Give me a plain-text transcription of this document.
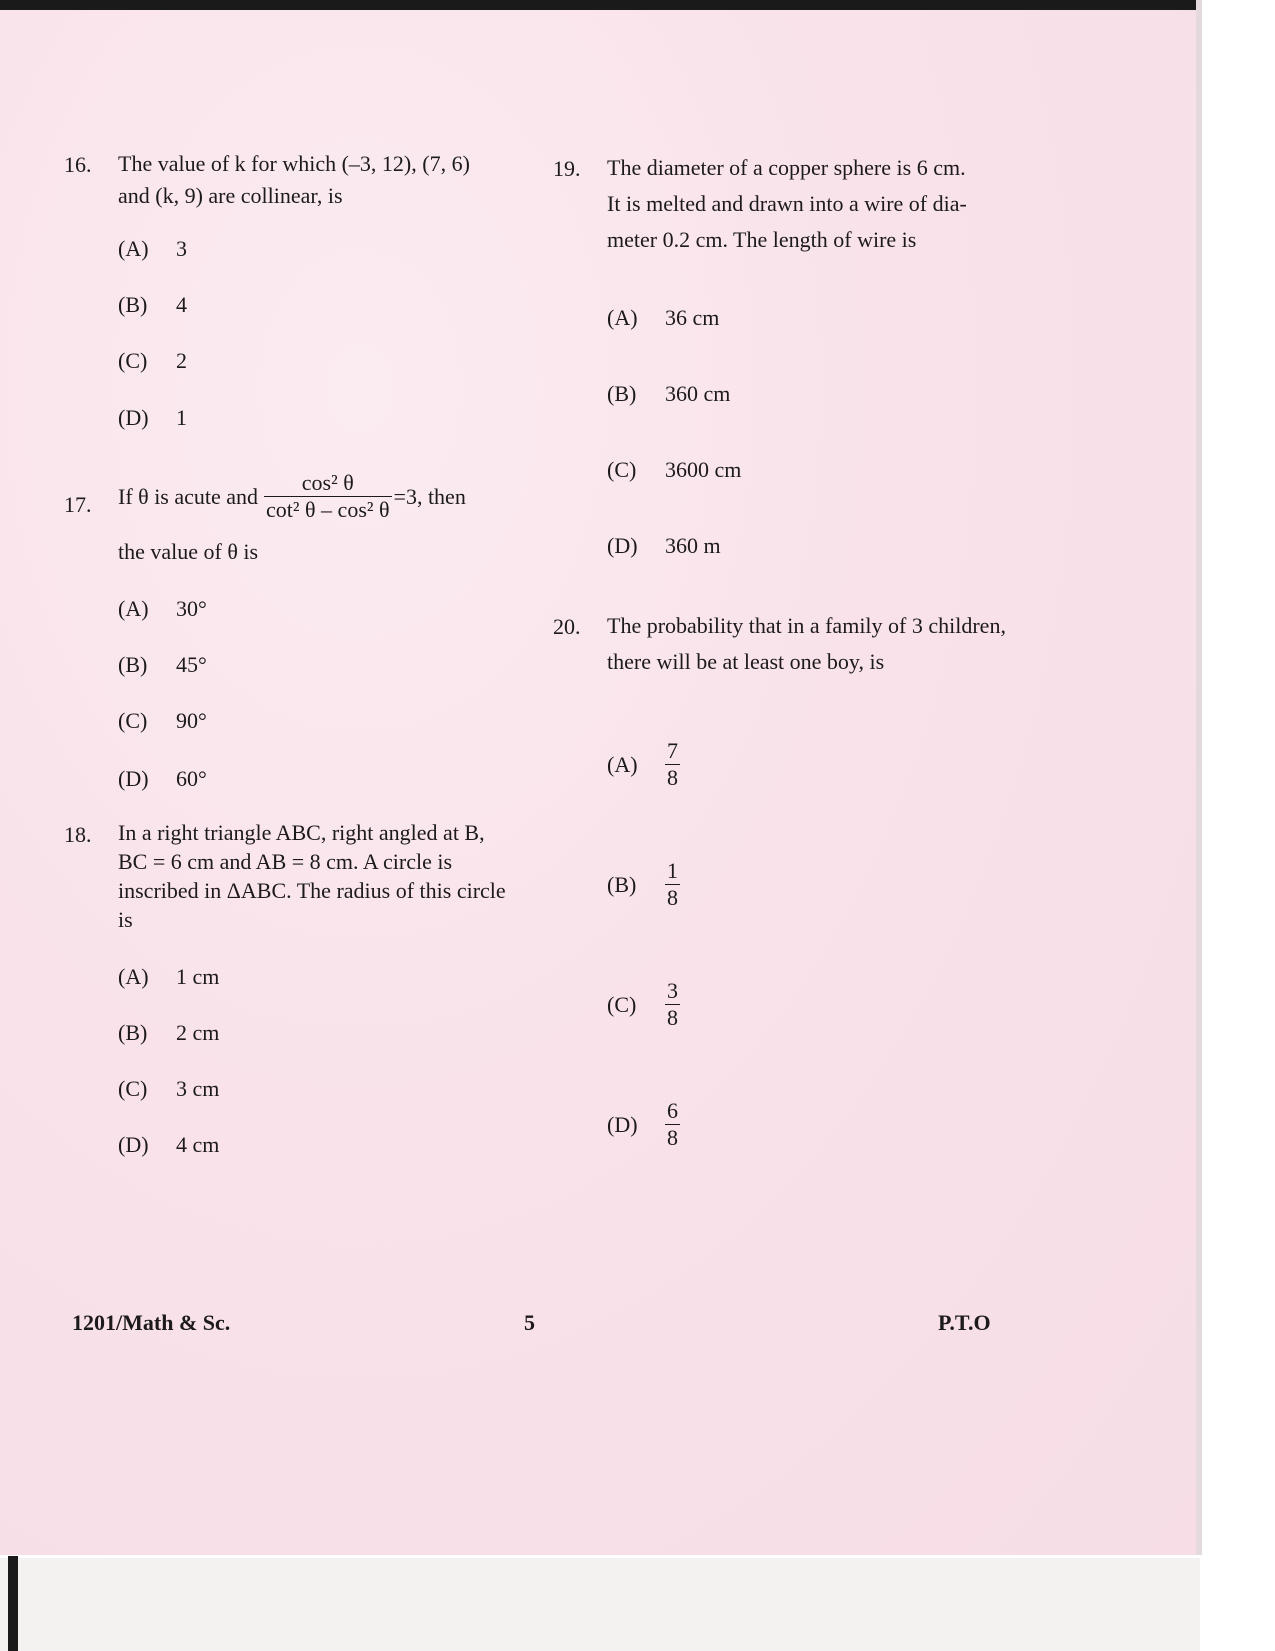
16. The value of k for which (–3, 12), (7, 6)
and (k, 9) are collinear, is
(A)	3
(B)	4
(C)	2
(D)	1
17. If θ is acute and $\frac{\text{cos² θ}}{\text{cot² θ – cos² θ}} =3$, then
the value of θ is
(A)	30°
(B)	45°
(C)	90°
(D)	60°
18. In a right triangle ABC, right angled at B,
BC = 6 cm and AB = 8 cm. A circle is
inscribed in ΔABC. The radius of this circle
is
(A)	1 cm
(B)	2 cm
(C)	3 cm
(D)	4 cm
19. The diameter of a copper sphere is 6 cm.
It is melted and drawn into a wire of dia-
meter 0.2 cm. The length of wire is
(A)	36 cm
(B)	360 cm
(C)	3600 cm
(D)	360 m
20. The probability that in a family of 3 children,
there will be at least one boy, is
(A)	$\frac{7}{8}$
(B)	$\frac{1}{8}$
(C)	$\frac{3}{8}$
(D)	$\frac{6}{8}$
1201/Math & Sc.	5	P.T.O
